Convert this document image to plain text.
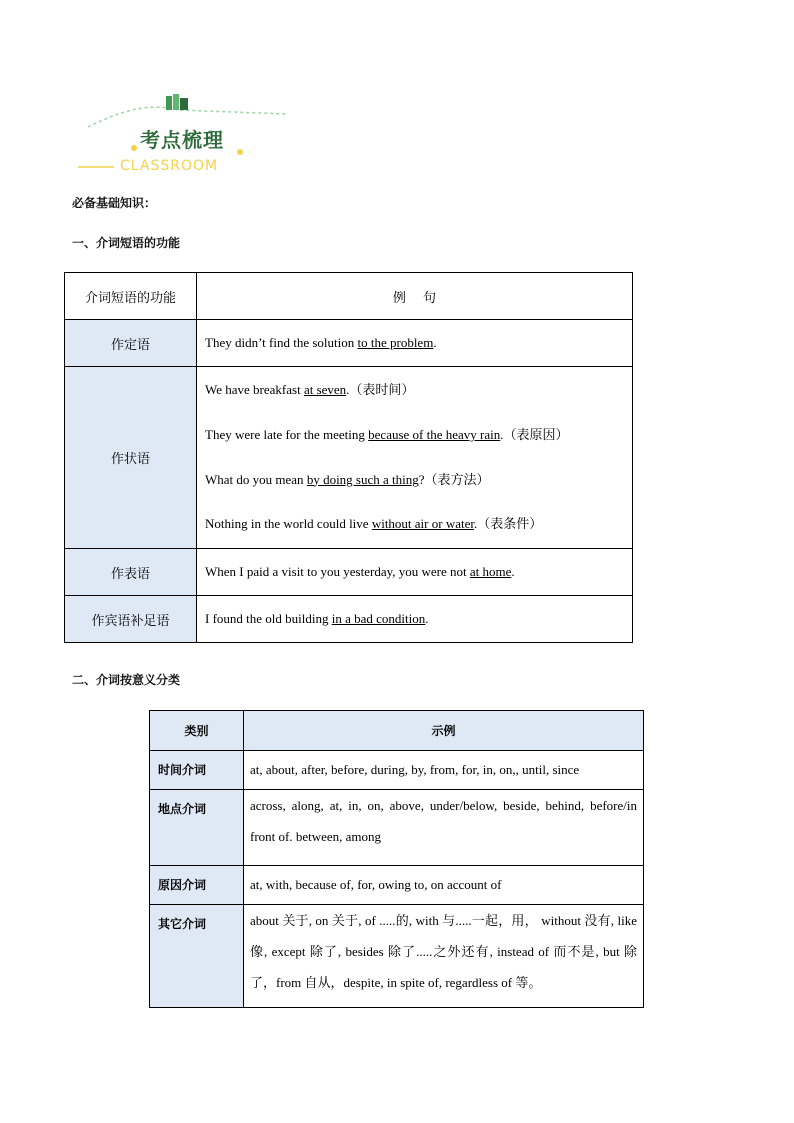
考点梳理
CLASSROOM
必备基础知识：
一、介词短语的功能
介词短语的功能	例　 句
作定语	They didn’t find the solution to the problem.
作状语	We have breakfast at seven.（表时间）

They were late for the meeting because of the heavy rain.（表原因）

What do you mean by doing such a thing?（表方法）

Nothing in the world could live without air or water.（表条件）

作表语	When I paid a visit to you yesterday, you were not at home.
作宾语补足语	I found the old building in a bad condition.
二、介词按意义分类
类别	示例
时间介词	at, about, after, before, during, by, from, for, in, on,, until, since
地点介词	across, along, at, in, on, above, under/below, beside, behind, before/in front of. between, among
原因介词	at, with, because of, for, owing to, on account of
其它介词	about 关于, on 关于, of .....的, with 与.....一起，用， without 没有, like 像, except 除了, besides 除了.....之外还有, instead of 而不是, but 除了，from 自从，despite, in spite of, regardless of 等。
